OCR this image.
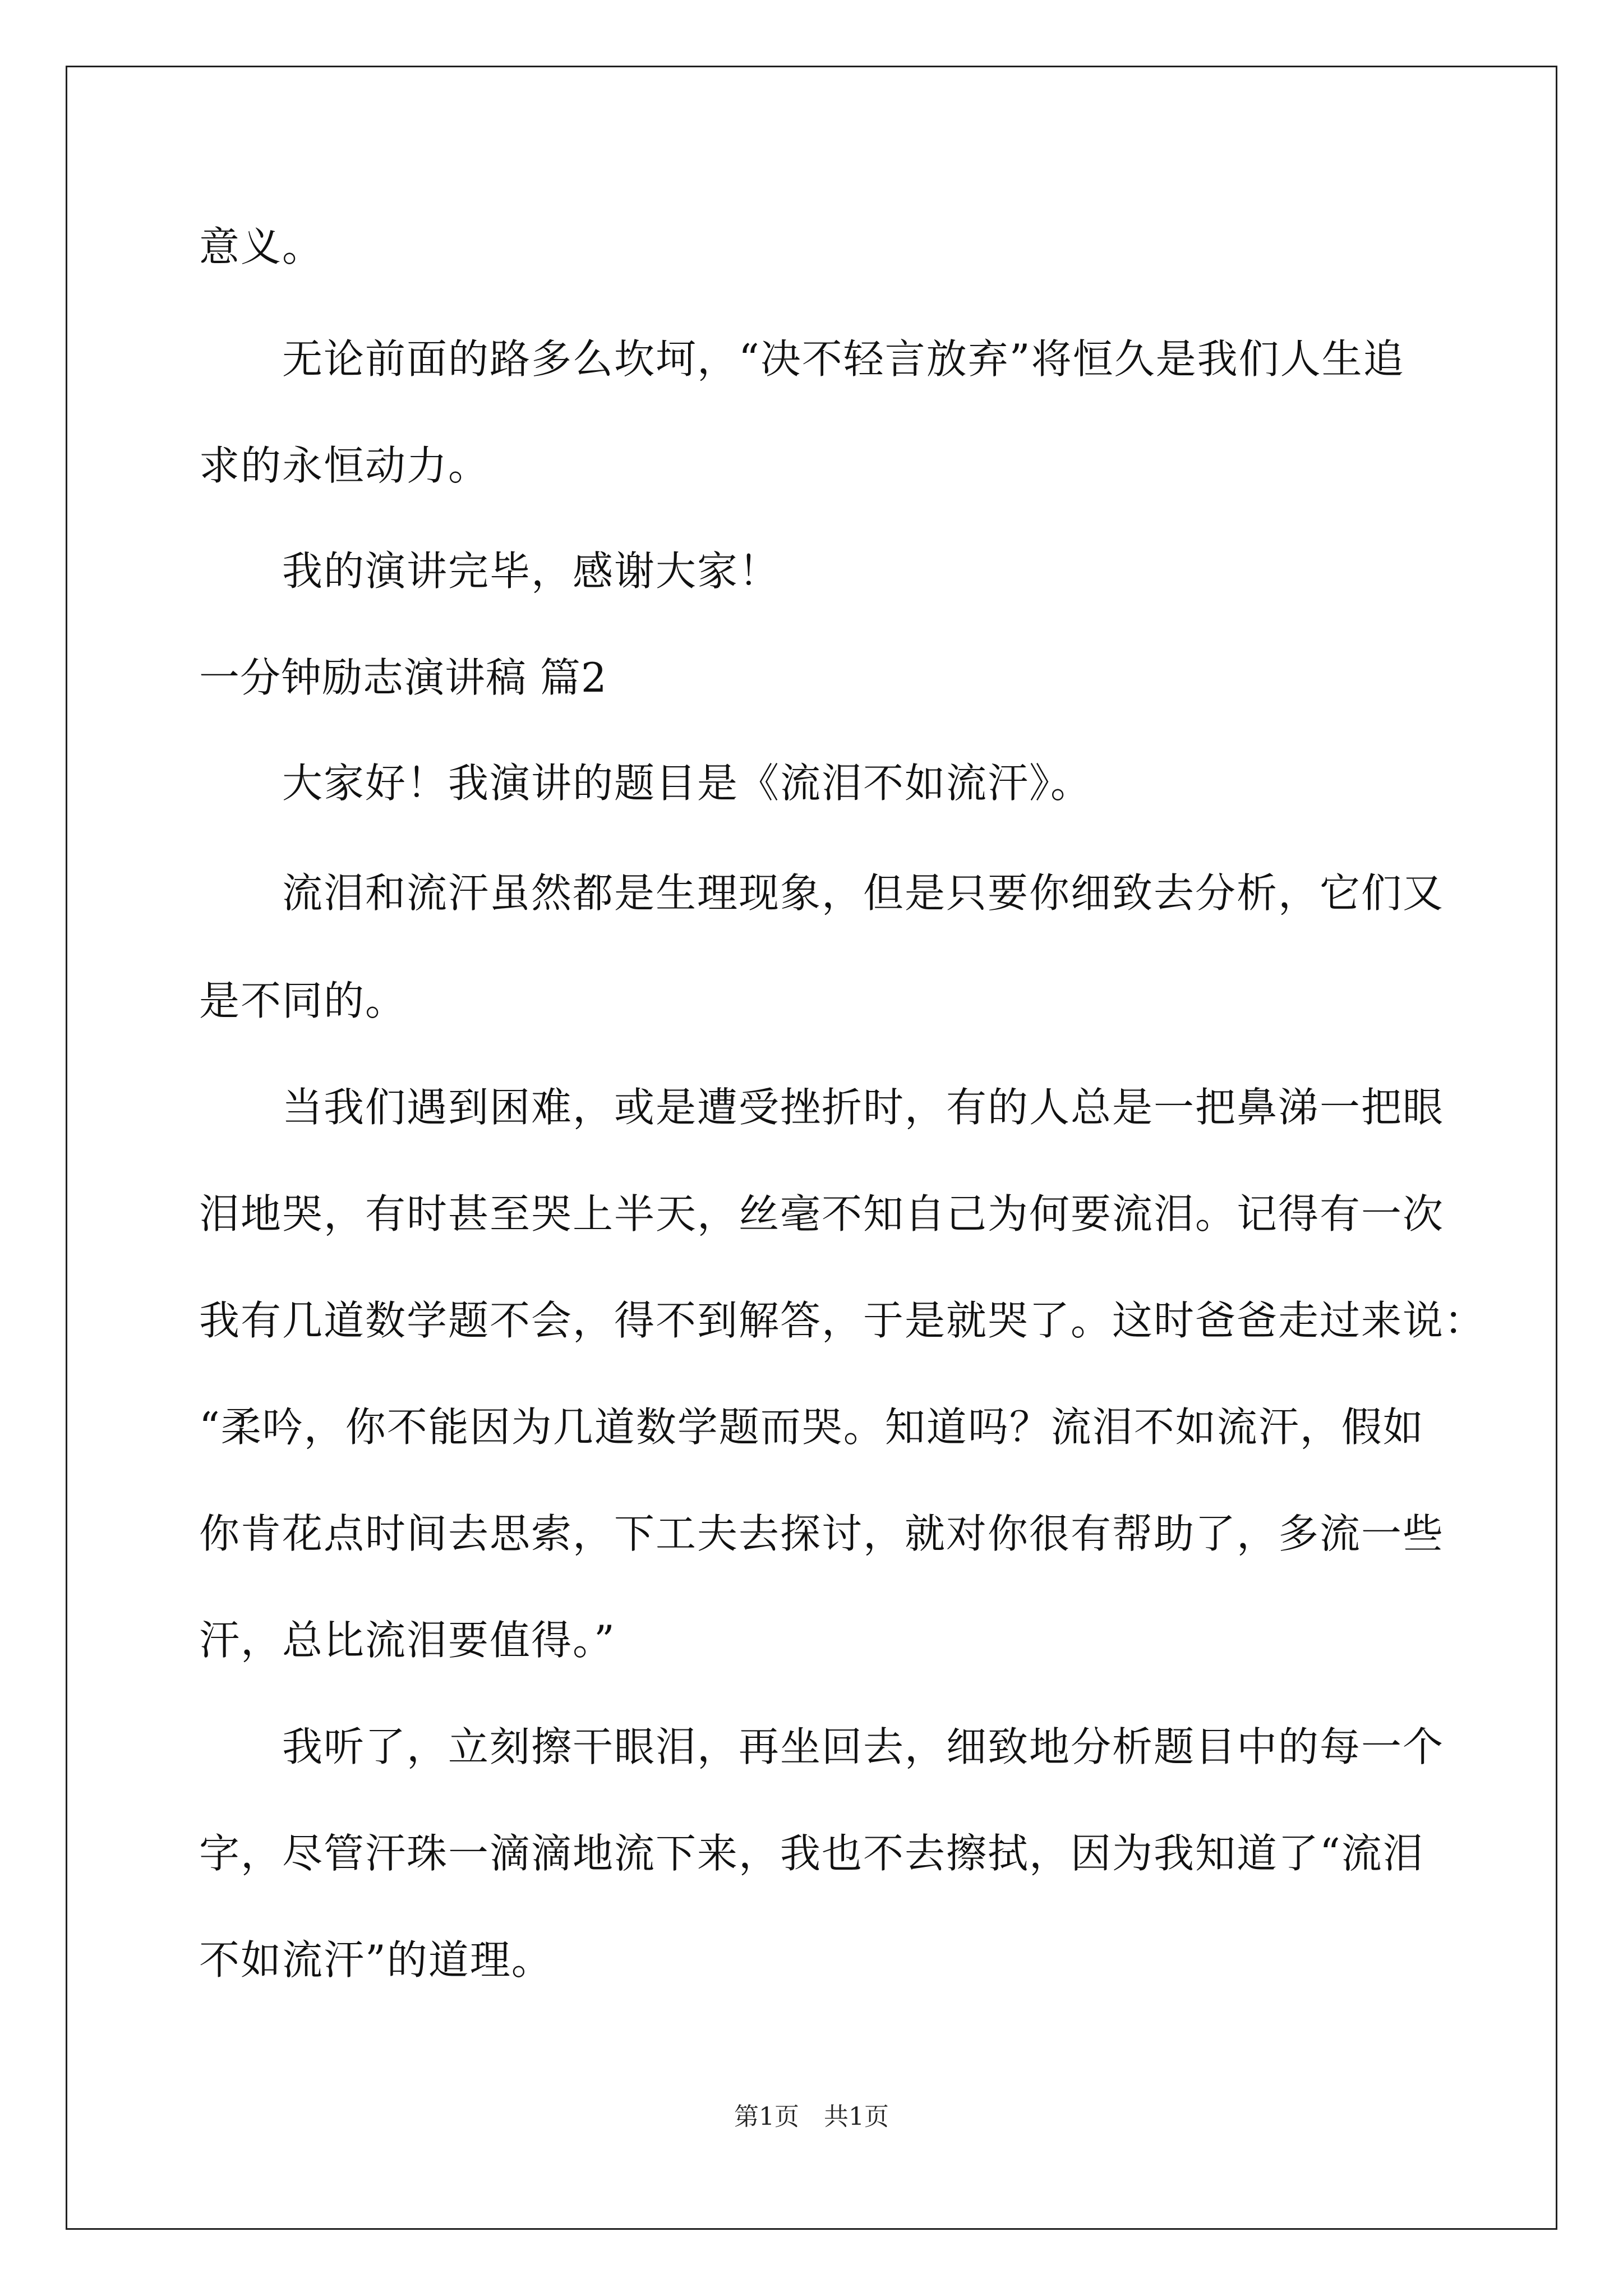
意义。
无论前面的路多么坎坷，“决不轻言放弃”将恒久是我们人生追
求的永恒动力。
我的演讲完毕，感谢大家！
一分钟励志演讲稿 篇2
大家好！我演讲的题目是《流泪不如流汗》。
流泪和流汗虽然都是生理现象，但是只要你细致去分析，它们又
是不同的。
当我们遇到困难，或是遭受挫折时，有的人总是一把鼻涕一把眼
泪地哭，有时甚至哭上半天，丝毫不知自己为何要流泪。记得有一次
我有几道数学题不会，得不到解答，于是就哭了。这时爸爸走过来说：
“柔吟，你不能因为几道数学题而哭。知道吗？流泪不如流汗，假如
你肯花点时间去思索，下工夫去探讨，就对你很有帮助了，多流一些
汗，总比流泪要值得。”
我听了，立刻擦干眼泪，再坐回去，细致地分析题目中的每一个
字，尽管汗珠一滴滴地流下来，我也不去擦拭，因为我知道了“流泪
不如流汗”的道理。
第1页　共1页
